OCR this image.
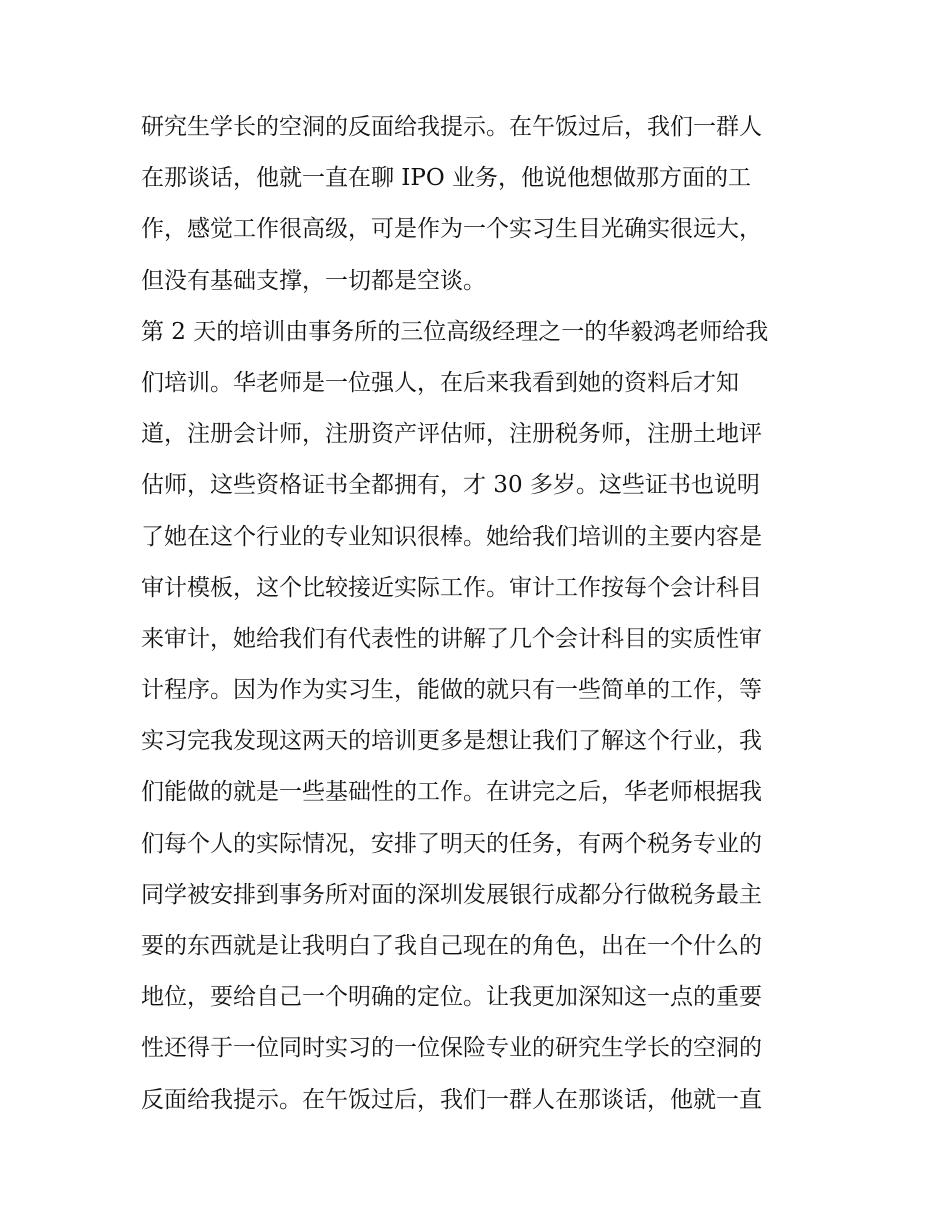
研究生学长的空洞的反面给我提示。在午饭过后，我们一群人
在那谈话，他就一直在聊 IPO 业务，他说他想做那方面的工
作，感觉工作很高级，可是作为一个实习生目光确实很远大，
但没有基础支撑，一切都是空谈。
第 2 天的培训由事务所的三位高级经理之一的华毅鸿老师给我
们培训。华老师是一位强人，在后来我看到她的资料后才知
道，注册会计师，注册资产评估师，注册税务师，注册土地评
估师，这些资格证书全都拥有，才 30 多岁。这些证书也说明
了她在这个行业的专业知识很棒。她给我们培训的主要内容是
审计模板，这个比较接近实际工作。审计工作按每个会计科目
来审计，她给我们有代表性的讲解了几个会计科目的实质性审
计程序。因为作为实习生，能做的就只有一些简单的工作，等
实习完我发现这两天的培训更多是想让我们了解这个行业，我
们能做的就是一些基础性的工作。在讲完之后，华老师根据我
们每个人的实际情况，安排了明天的任务，有两个税务专业的
同学被安排到事务所对面的深圳发展银行成都分行做税务最主
要的东西就是让我明白了我自己现在的角色，出在一个什么的
地位，要给自己一个明确的定位。让我更加深知这一点的重要
性还得于一位同时实习的一位保险专业的研究生学长的空洞的
反面给我提示。在午饭过后，我们一群人在那谈话，他就一直
